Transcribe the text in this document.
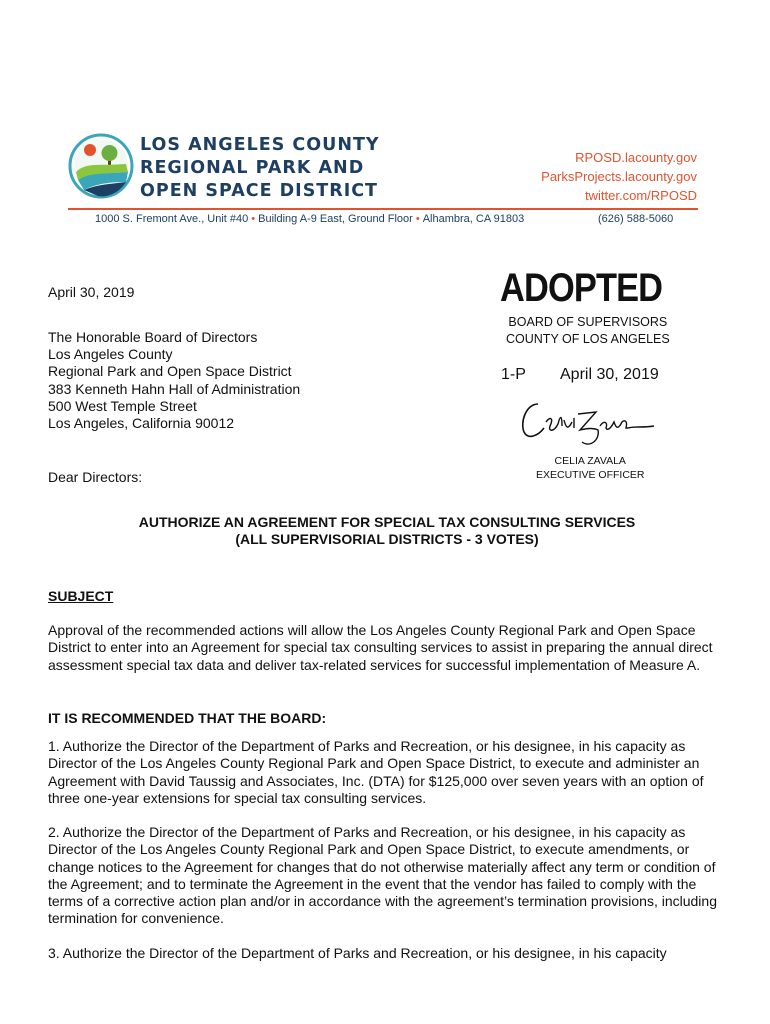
LOS ANGELES COUNTY
REGIONAL PARK AND
OPEN SPACE DISTRICT
RPOSD.lacounty.gov
ParksProjects.lacounty.gov
twitter.com/RPOSD
1000 S. Fremont Ave., Unit #40 • Building A-9 East, Ground Floor • Alhambra, CA 91803	(626) 588-5060
April 30, 2019
The Honorable Board of Directors
Los Angeles County
Regional Park and Open Space District
383 Kenneth Hahn Hall of Administration
500 West Temple Street
Los Angeles, California 90012
ADOPTED
BOARD OF SUPERVISORS
COUNTY OF LOS ANGELES
1-P April 30, 2019
CELIA ZAVALA
EXECUTIVE OFFICER
Dear Directors:
AUTHORIZE AN AGREEMENT FOR SPECIAL TAX CONSULTING SERVICES
(ALL SUPERVISORIAL DISTRICTS - 3 VOTES)
SUBJECT
Approval of the recommended actions will allow the Los Angeles County Regional Park and Open Space District to enter into an Agreement for special tax consulting services to assist in preparing the annual direct assessment special tax data and deliver tax-related services for successful implementation of Measure A.
IT IS RECOMMENDED THAT THE BOARD:
1. Authorize the Director of the Department of Parks and Recreation, or his designee, in his capacity as Director of the Los Angeles County Regional Park and Open Space District, to execute and administer an Agreement with David Taussig and Associates, Inc. (DTA) for $125,000 over seven years with an option of three one-year extensions for special tax consulting services.
2. Authorize the Director of the Department of Parks and Recreation, or his designee, in his capacity as Director of the Los Angeles County Regional Park and Open Space District, to execute amendments, or change notices to the Agreement for changes that do not otherwise materially affect any term or condition of the Agreement; and to terminate the Agreement in the event that the vendor has failed to comply with the terms of a corrective action plan and/or in accordance with the agreement’s termination provisions, including termination for convenience.
3. Authorize the Director of the Department of Parks and Recreation, or his designee, in his capacity
